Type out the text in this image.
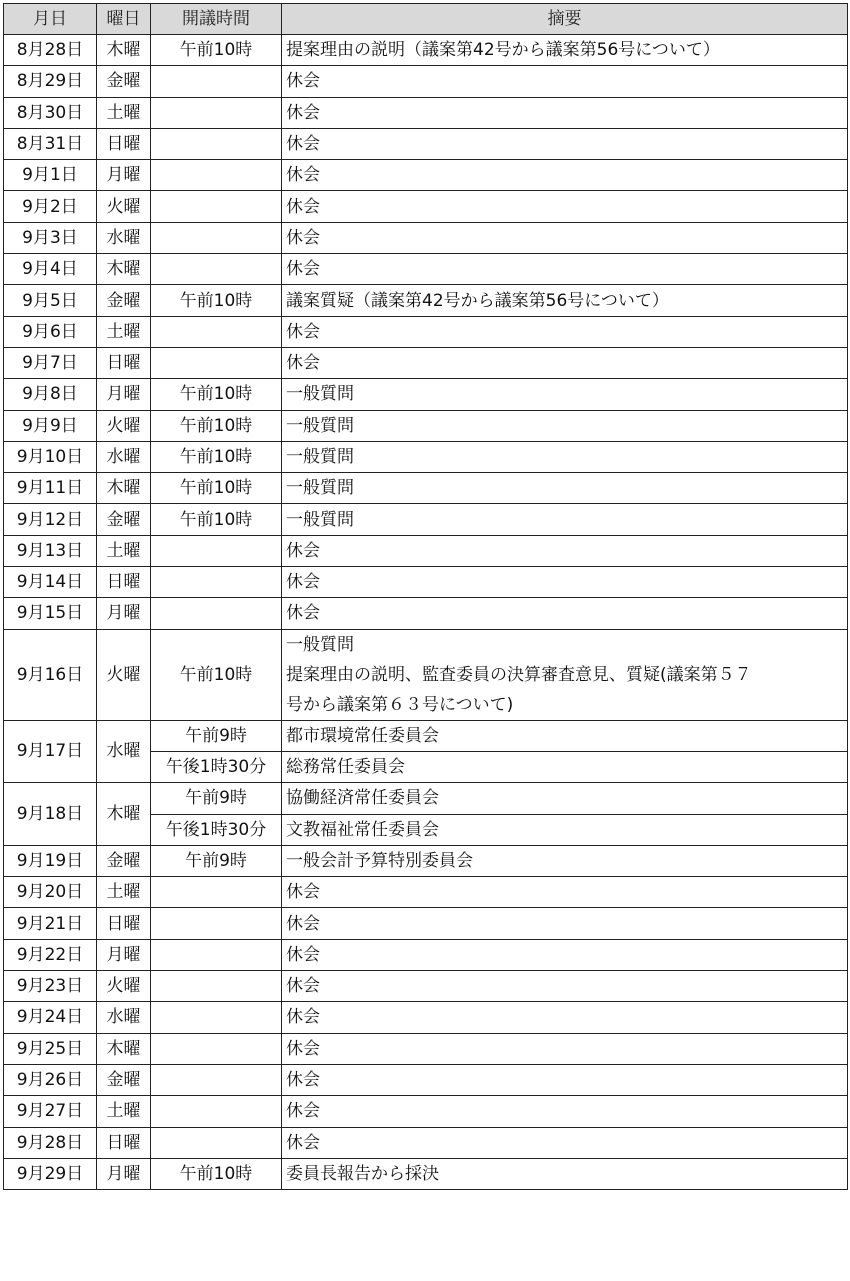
月日	曜日	開議時間	摘要
8月28日	木曜	午前10時	提案理由の説明（議案第42号から議案第56号について）
8月29日	金曜		休会
8月30日	土曜		休会
8月31日	日曜		休会
9月1日	月曜		休会
9月2日	火曜		休会
9月3日	水曜		休会
9月4日	木曜		休会
9月5日	金曜	午前10時	議案質疑（議案第42号から議案第56号について）
9月6日	土曜		休会
9月7日	日曜		休会
9月8日	月曜	午前10時	一般質問
9月9日	火曜	午前10時	一般質問
9月10日	水曜	午前10時	一般質問
9月11日	木曜	午前10時	一般質問
9月12日	金曜	午前10時	一般質問
9月13日	土曜		休会
9月14日	日曜		休会
9月15日	月曜		休会
9月16日	火曜	午前10時	一般質問
提案理由の説明、監査委員の決算審査意見、質疑(議案第５７
号から議案第６３号について)

9月17日	水曜	午前9時	都市環境常任委員会
		午後1時30分	総務常任委員会
9月18日	木曜	午前9時	協働経済常任委員会
		午後1時30分	文教福祉常任委員会
9月19日	金曜	午前9時	一般会計予算特別委員会
9月20日	土曜		休会
9月21日	日曜		休会
9月22日	月曜		休会
9月23日	火曜		休会
9月24日	水曜		休会
9月25日	木曜		休会
9月26日	金曜		休会
9月27日	土曜		休会
9月28日	日曜		休会
9月29日	月曜	午前10時	委員長報告から採決
